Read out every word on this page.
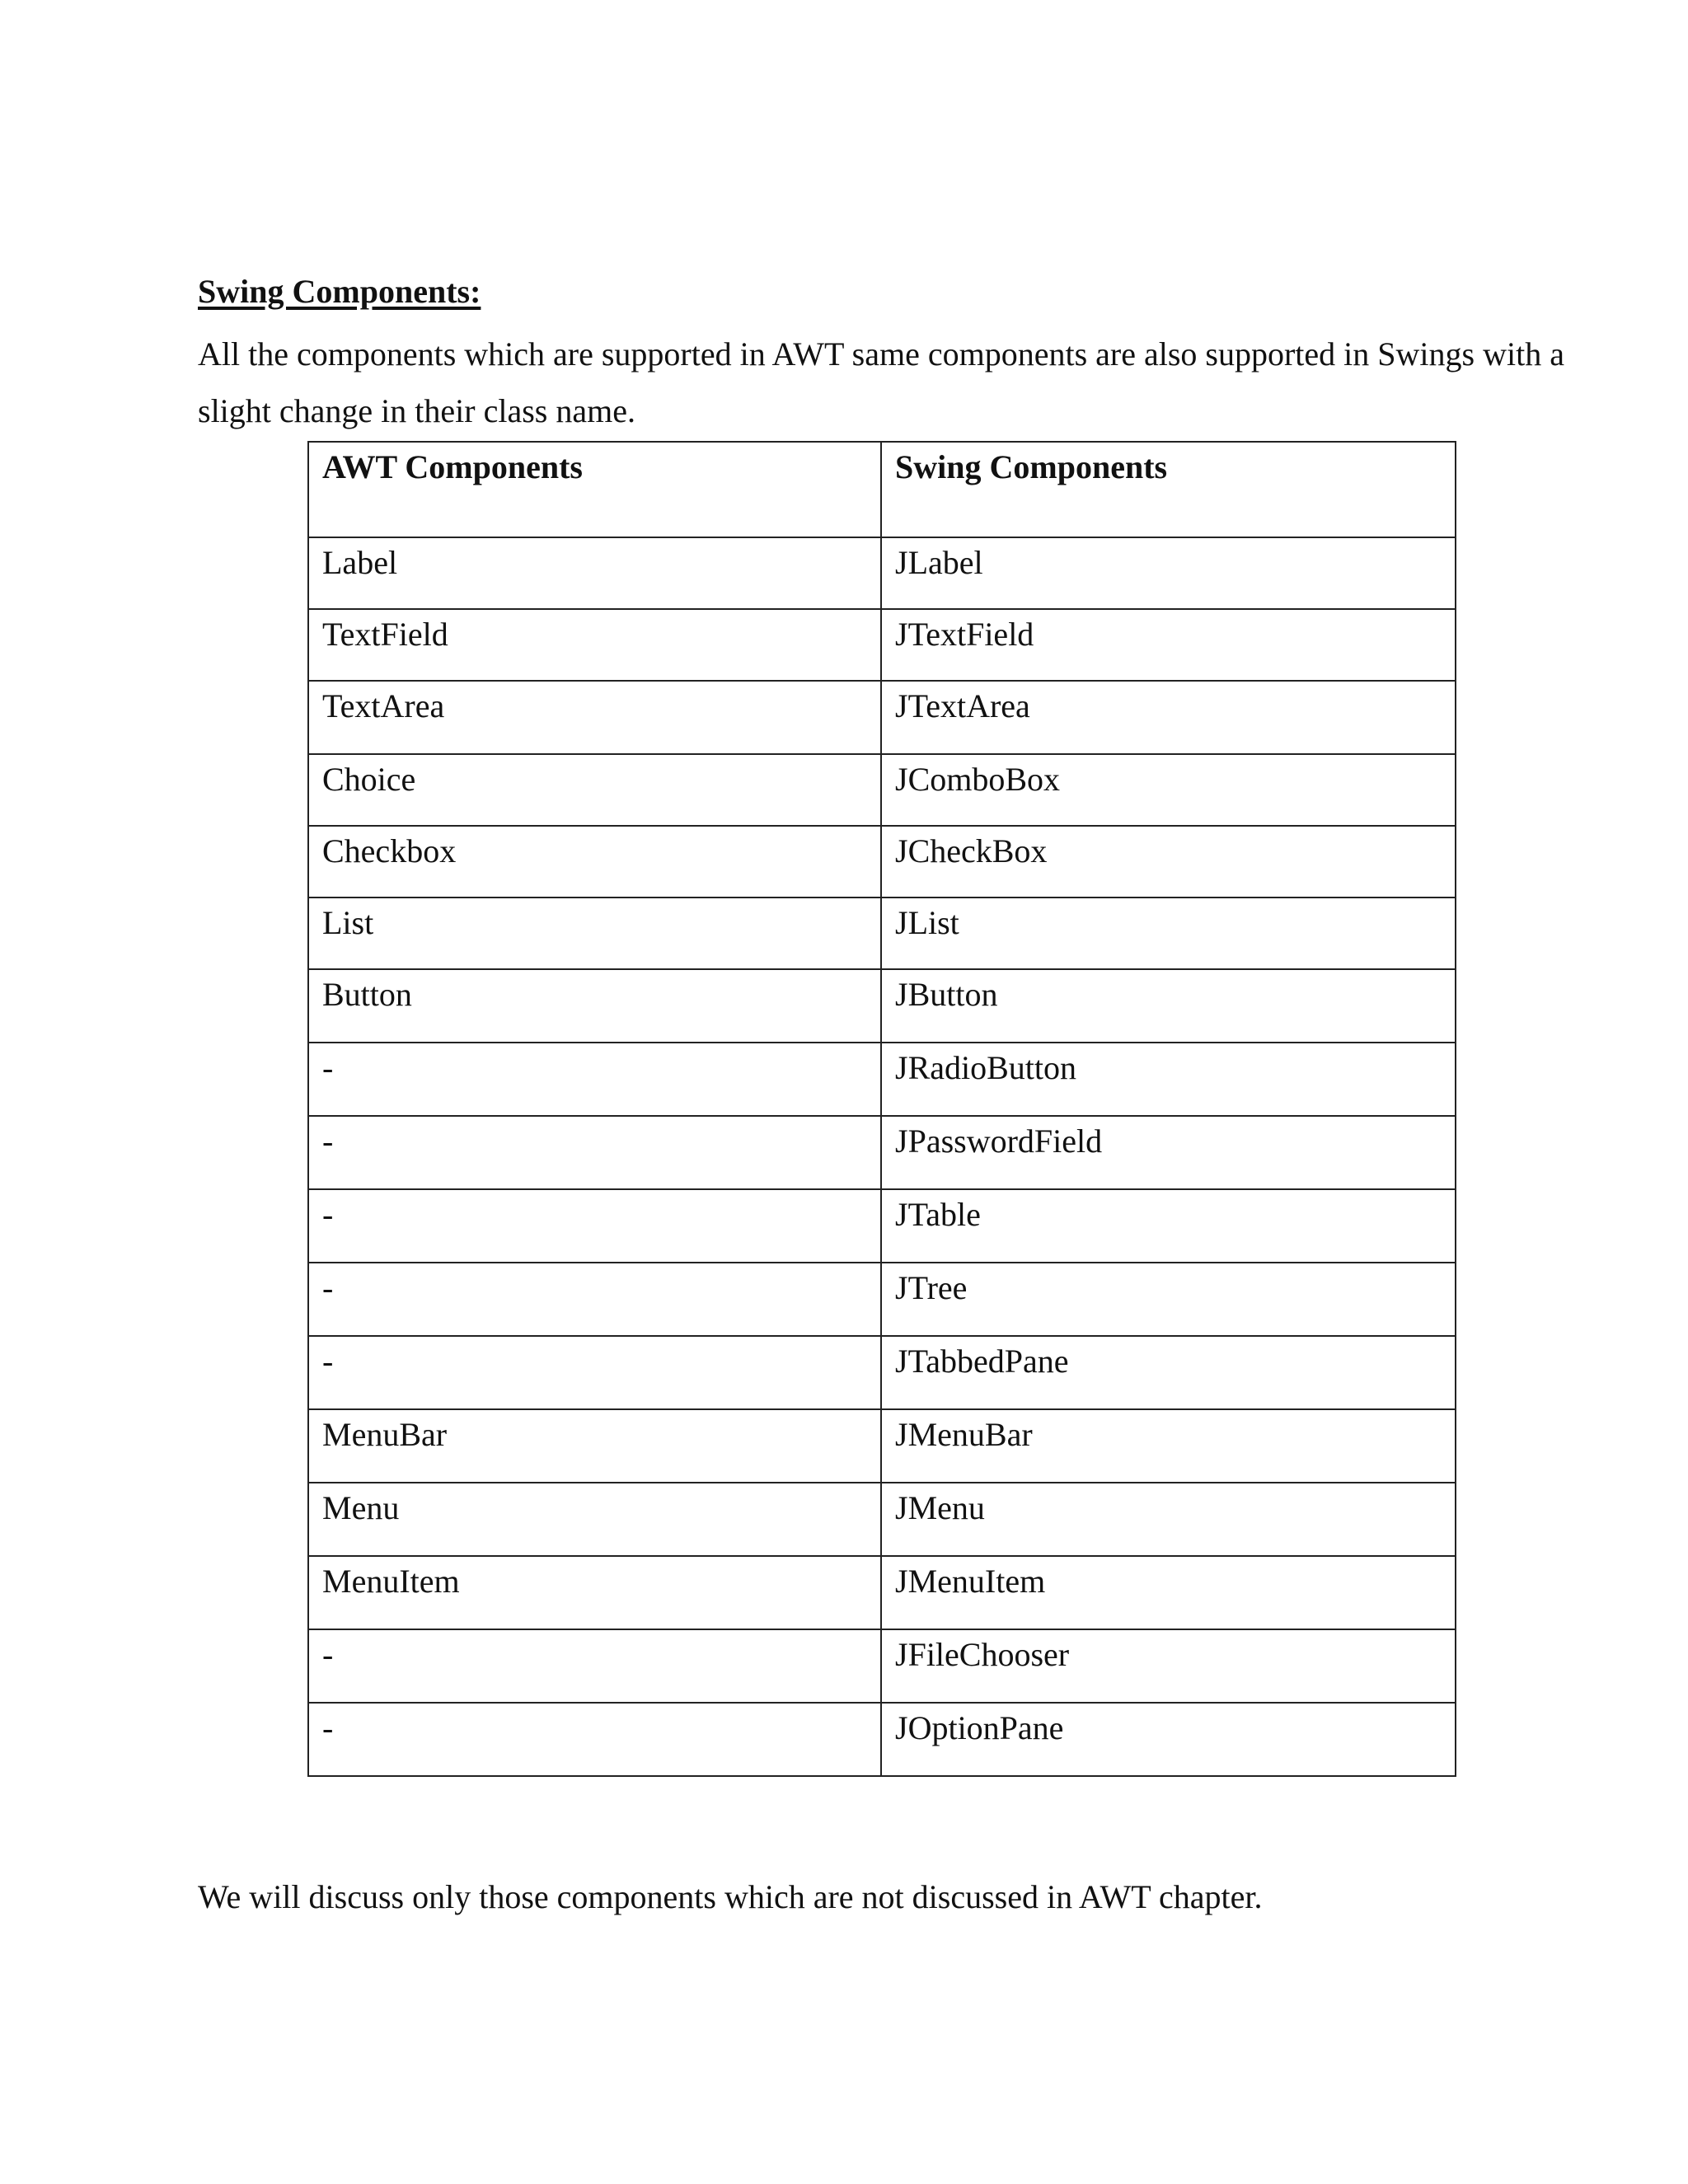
Swing Components:
All the components which are supported in AWT same components are also supported in Swings with a slight change in their class name.
AWT Components	Swing Components
Label	JLabel
TextField	JTextField
TextArea	JTextArea
Choice	JComboBox
Checkbox	JCheckBox
List	JList
Button	JButton
-	JRadioButton
-	JPasswordField
-	JTable
-	JTree
-	JTabbedPane
MenuBar	JMenuBar
Menu	JMenu
MenuItem	JMenuItem
-	JFileChooser
-	JOptionPane
We will discuss only those components which are not discussed in AWT chapter.
